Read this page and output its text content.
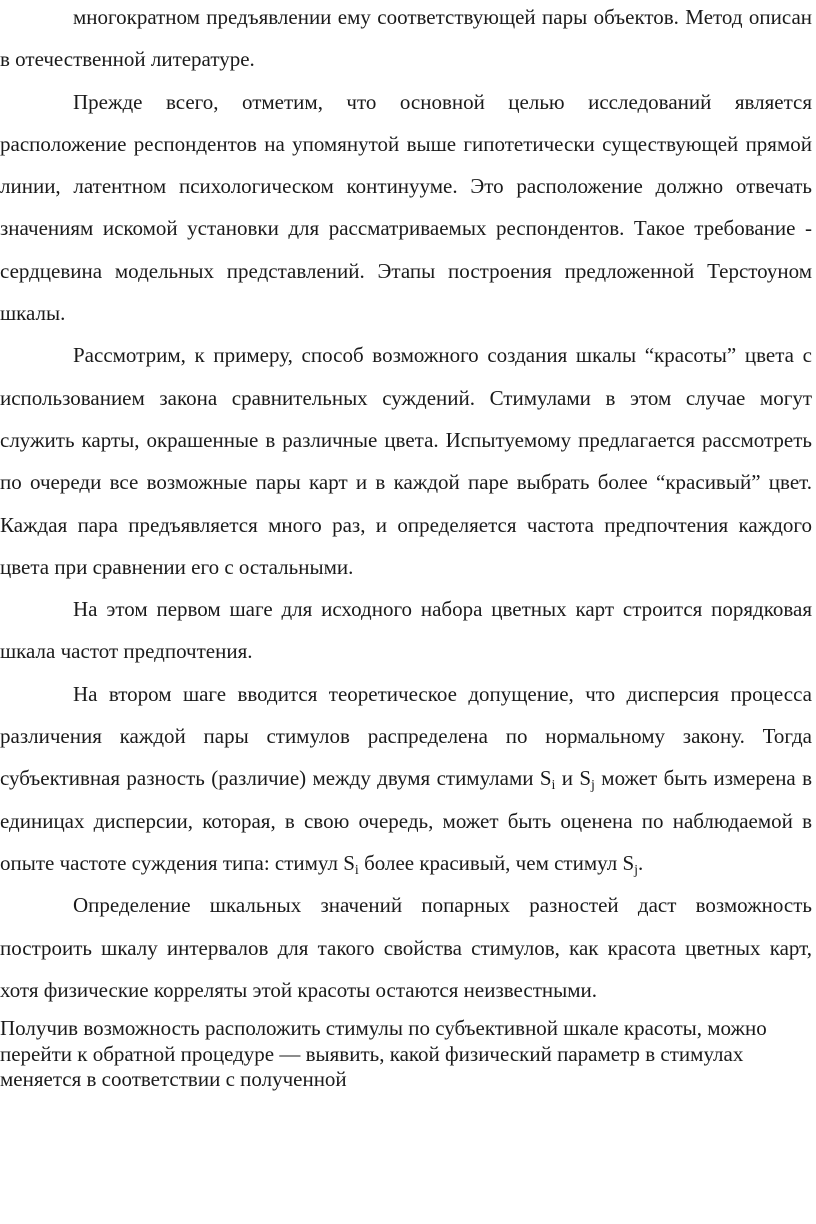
многократном предъявлении ему соответствующей пары объектов. Метод описан в отечественной литературе.

Прежде всего, отметим, что основной целью исследований является расположение респондентов на упомянутой выше гипотетически существующей прямой линии, латентном психологическом континууме. Это расположение должно отвечать значениям искомой установки для рассматриваемых респондентов. Такое требование - сердцевина модельных представлений. Этапы построения предложенной Терстоуном шкалы.

Рассмотрим, к примеру, способ возможного создания шкалы “красоты” цвета с использованием закона сравнительных суждений. Стимулами в этом случае могут служить карты, окрашенные в различные цвета. Испытуемому предлагается рассмотреть по очереди все возможные пары карт и в каждой паре выбрать более “красивый” цвет. Каждая пара предъявляется много раз, и определяется частота предпочтения каждого цвета при сравнении его с остальными.

На этом первом шаге для исходного набора цветных карт строится порядковая шкала частот предпочтения.

На втором шаге вводится теоретическое допущение, что дисперсия процесса различения каждой пары стимулов распределена по нормальному закону. Тогда субъективная разность (различие) между двумя стимулами $S_i$ и $S_j$ может быть измерена в единицах дисперсии, которая, в свою очередь, может быть оценена по наблюдаемой в опыте частоте суждения типа: стимул $S_i$ более красивый, чем стимул $S_j$.

Определение шкальных значений попарных разностей даст возможность построить шкалу интервалов для такого свойства стимулов, как красота цветных карт, хотя физические корреляты этой красоты остаются неизвестными.

Получив возможность расположить стимулы по субъективной шкале красоты, можно перейти к обратной процедуре — выявить, какой физический параметр в стимулах меняется в соответствии с полученной
